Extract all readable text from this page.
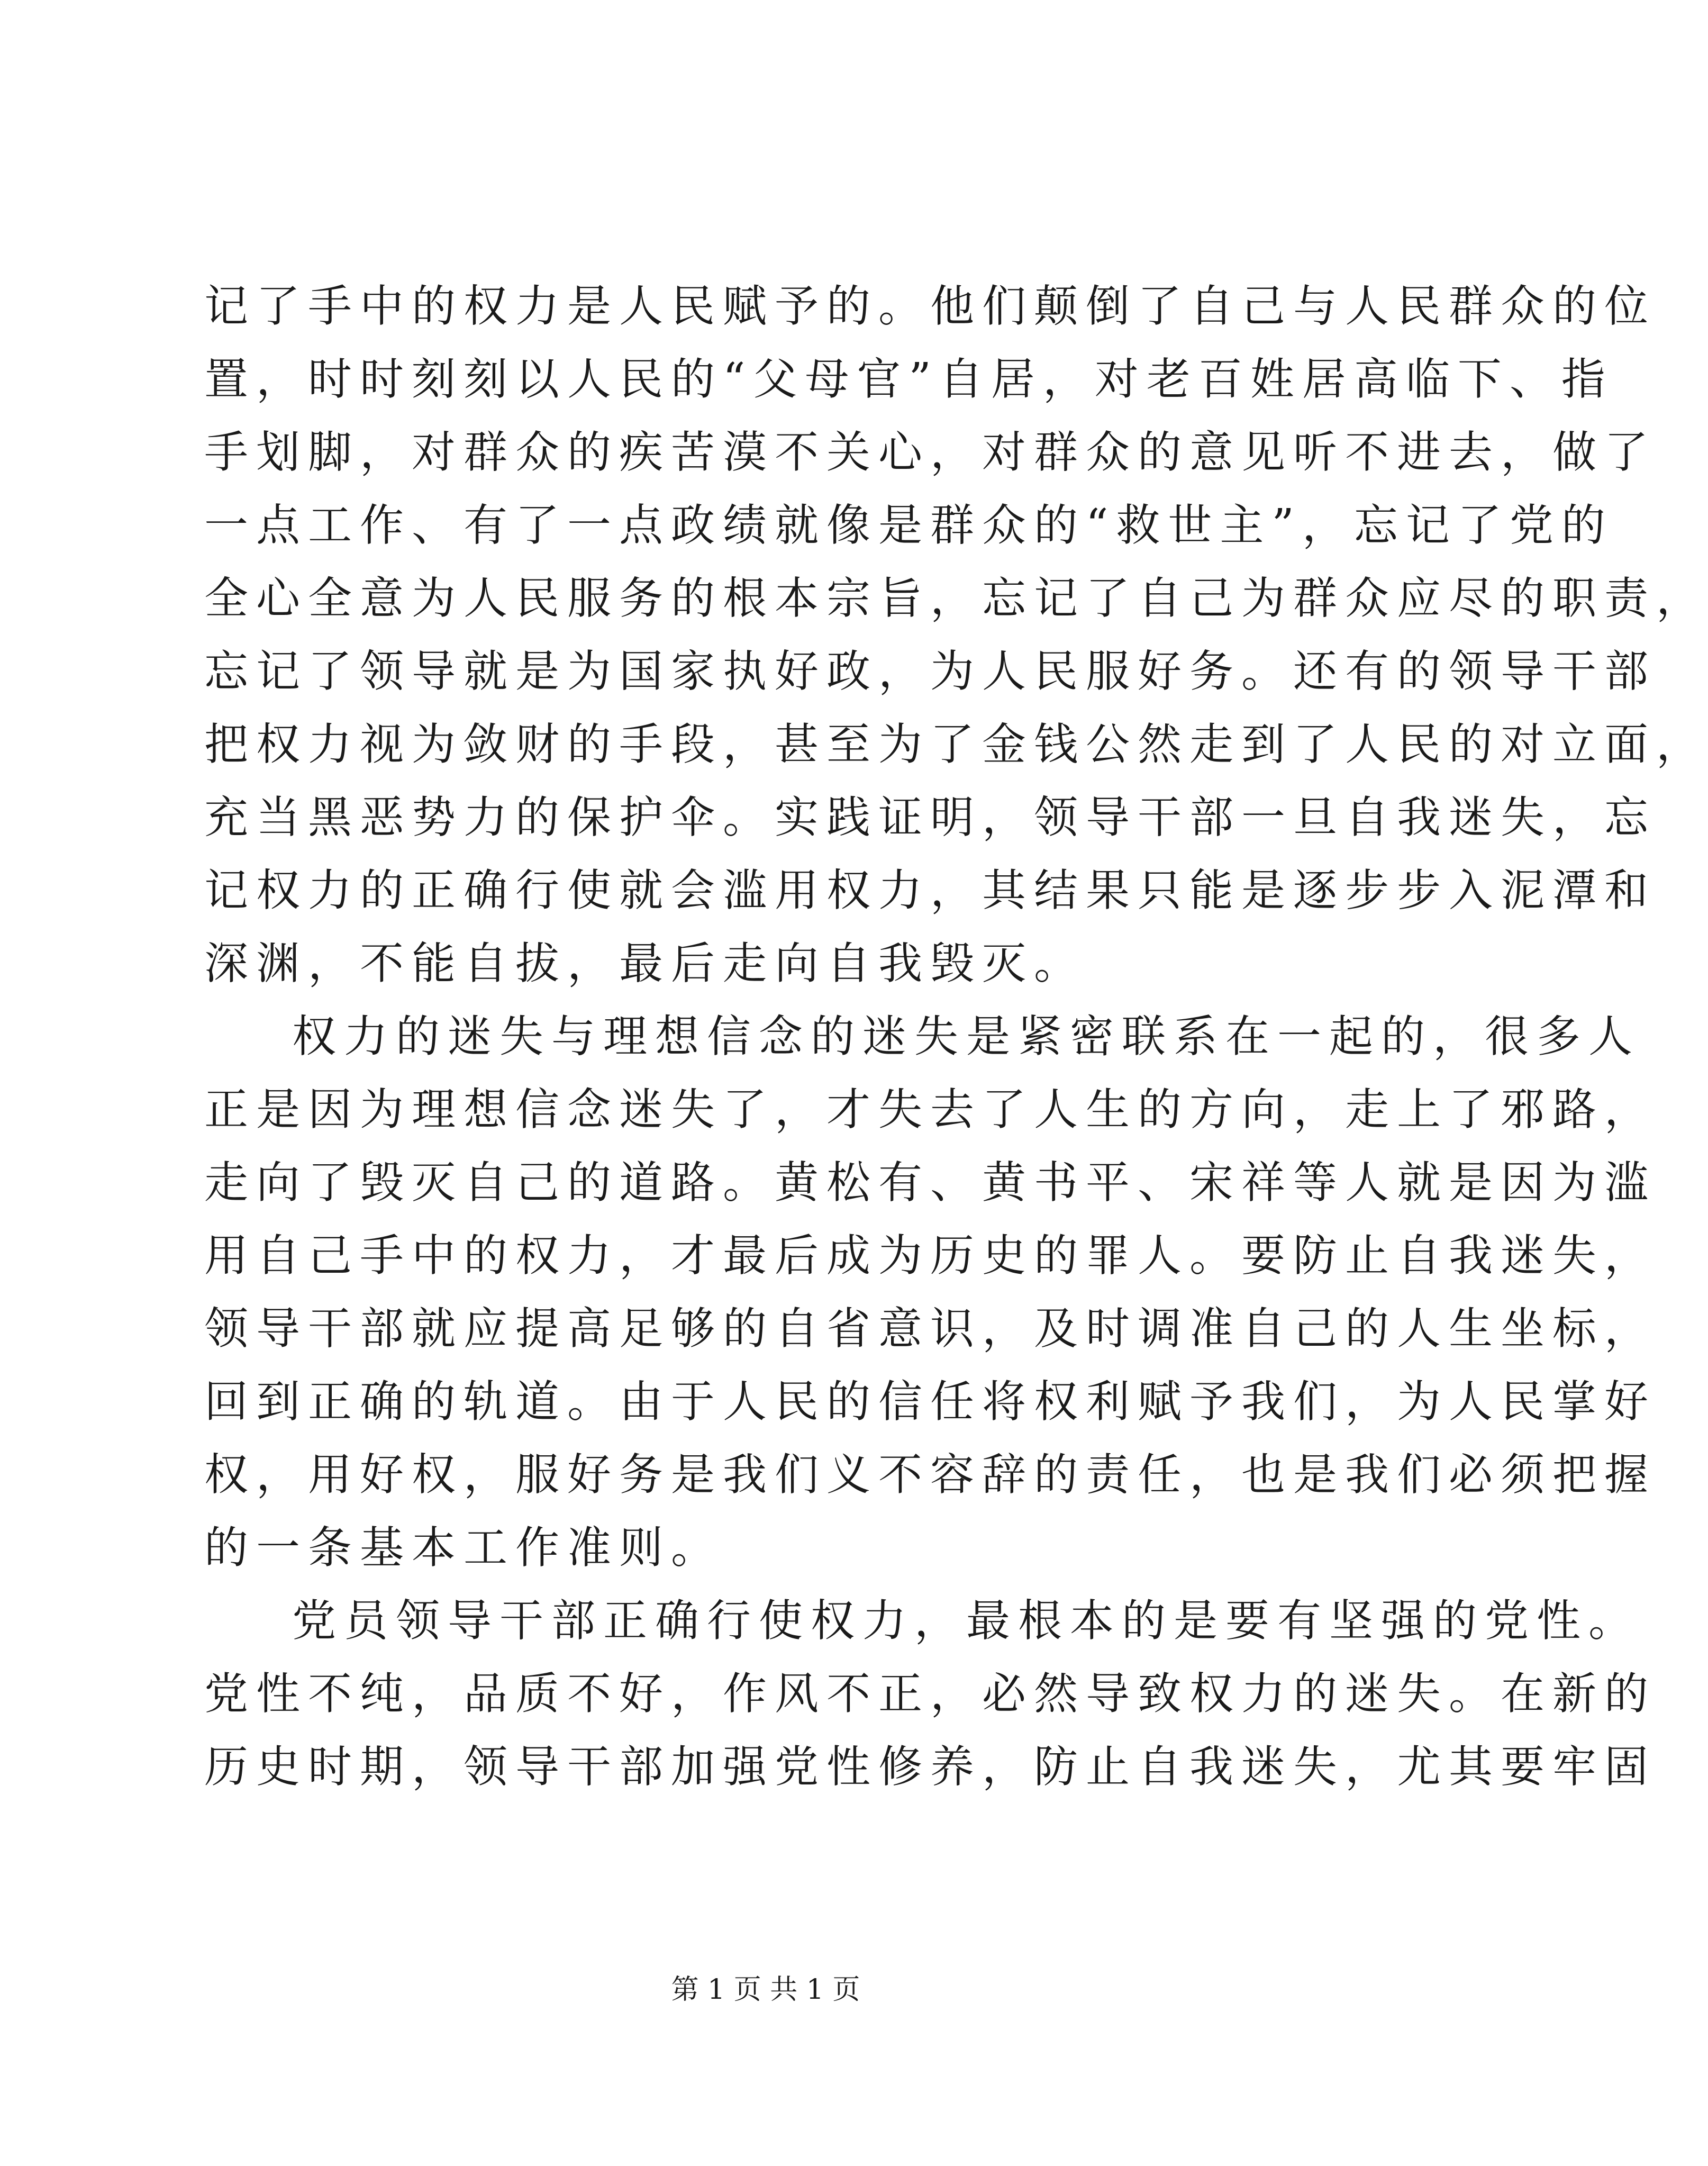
记了手中的权力是人民赋予的。他们颠倒了自己与人民群众的位
置，时时刻刻以人民的“父母官”自居，对老百姓居高临下、指
手划脚，对群众的疾苦漠不关心，对群众的意见听不进去，做了
一点工作、有了一点政绩就像是群众的“救世主”，忘记了党的
全心全意为人民服务的根本宗旨，忘记了自己为群众应尽的职责，
忘记了领导就是为国家执好政，为人民服好务。还有的领导干部
把权力视为敛财的手段，甚至为了金钱公然走到了人民的对立面，
充当黑恶势力的保护伞。实践证明，领导干部一旦自我迷失，忘
记权力的正确行使就会滥用权力，其结果只能是逐步步入泥潭和
深渊，不能自拔，最后走向自我毁灭。
权力的迷失与理想信念的迷失是紧密联系在一起的，很多人
正是因为理想信念迷失了，才失去了人生的方向，走上了邪路，
走向了毁灭自己的道路。黄松有、黄书平、宋祥等人就是因为滥
用自己手中的权力，才最后成为历史的罪人。要防止自我迷失，
领导干部就应提高足够的自省意识，及时调准自己的人生坐标，
回到正确的轨道。由于人民的信任将权利赋予我们，为人民掌好
权，用好权，服好务是我们义不容辞的责任，也是我们必须把握
的一条基本工作准则。
党员领导干部正确行使权力，最根本的是要有坚强的党性。
党性不纯，品质不好，作风不正，必然导致权力的迷失。在新的
历史时期，领导干部加强党性修养，防止自我迷失，尤其要牢固
第 1 页 共 1 页
